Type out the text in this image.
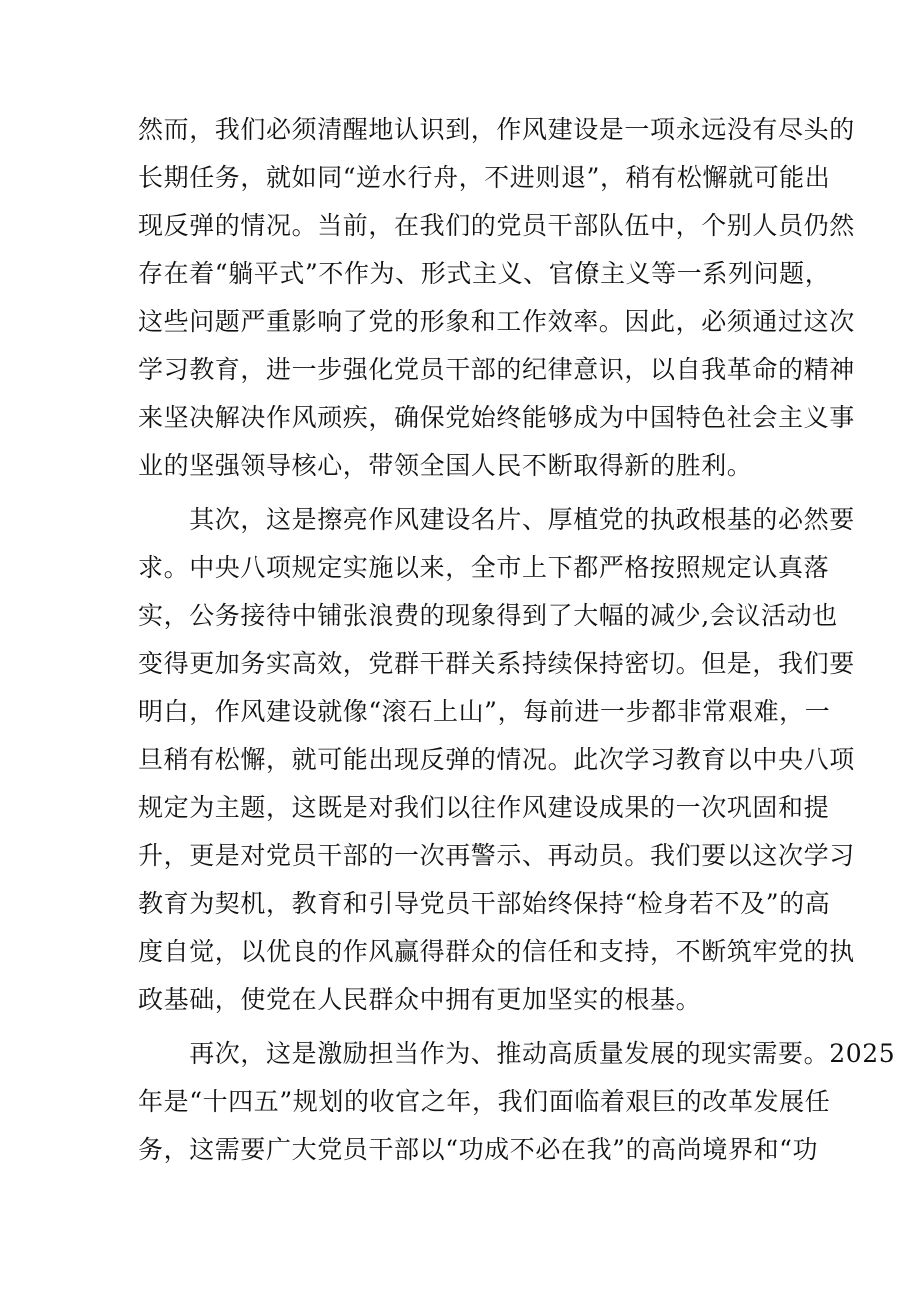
然而，我们必须清醒地认识到，作风建设是一项永远没有尽头的
长期任务，就如同“逆水行舟，不进则退”，稍有松懈就可能出
现反弹的情况。当前，在我们的党员干部队伍中，个别人员仍然
存在着“躺平式”不作为、形式主义、官僚主义等一系列问题，
这些问题严重影响了党的形象和工作效率。因此，必须通过这次
学习教育，进一步强化党员干部的纪律意识，以自我革命的精神
来坚决解决作风顽疾，确保党始终能够成为中国特色社会主义事
业的坚强领导核心，带领全国人民不断取得新的胜利。
　　其次，这是擦亮作风建设名片、厚植党的执政根基的必然要
求。中央八项规定实施以来，全市上下都严格按照规定认真落
实，公务接待中铺张浪费的现象得到了大幅的减少,会议活动也
变得更加务实高效，党群干群关系持续保持密切。但是，我们要
明白，作风建设就像“滚石上山”，每前进一步都非常艰难，一
旦稍有松懈，就可能出现反弹的情况。此次学习教育以中央八项
规定为主题，这既是对我们以往作风建设成果的一次巩固和提
升，更是对党员干部的一次再警示、再动员。我们要以这次学习
教育为契机，教育和引导党员干部始终保持“检身若不及”的高
度自觉，以优良的作风赢得群众的信任和支持，不断筑牢党的执
政基础，使党在人民群众中拥有更加坚实的根基。
　　再次，这是激励担当作为、推动高质量发展的现实需要。2025
年是“十四五”规划的收官之年，我们面临着艰巨的改革发展任
务，这需要广大党员干部以“功成不必在我”的高尚境界和“功
